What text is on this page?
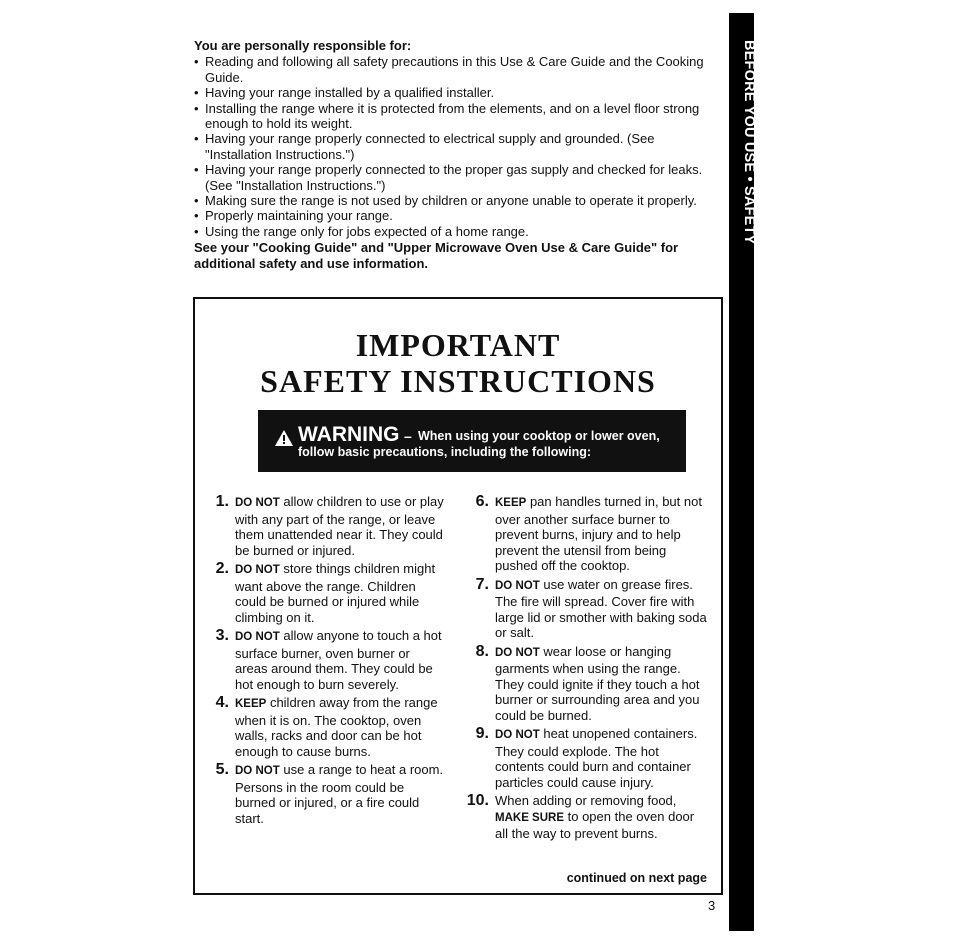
You are personally responsible for:
• Reading and following all safety precautions in this Use & Care Guide and the Cooking Guide.
• Having your range installed by a qualified installer.
• Installing the range where it is protected from the elements, and on a level floor strong enough to hold its weight.
• Having your range properly connected to electrical supply and grounded. (See "Installation Instructions.")
• Having your range properly connected to the proper gas supply and checked for leaks. (See "Installation Instructions.")
• Making sure the range is not used by children or anyone unable to operate it properly.
• Properly maintaining your range.
• Using the range only for jobs expected of a home range.
See your "Cooking Guide" and "Upper Microwave Oven Use & Care Guide" for additional safety and use information.
BEFORE YOU USE • SAFETY
IMPORTANT
SAFETY INSTRUCTIONS
WARNING – When using your cooktop or lower oven,
follow basic precautions, including the following:
1. DO NOT allow children to use or play with any part of the range, or leave them unattended near it. They could be burned or injured.
2. DO NOT store things children might want above the range. Children could be burned or injured while climbing on it.
3. DO NOT allow anyone to touch a hot surface burner, oven burner or areas around them. They could be hot enough to burn severely.
4. KEEP children away from the range when it is on. The cooktop, oven walls, racks and door can be hot enough to cause burns.
5. DO NOT use a range to heat a room. Persons in the room could be burned or injured, or a fire could start.
6. KEEP pan handles turned in, but not over another surface burner to prevent burns, injury and to help prevent the utensil from being pushed off the cooktop.
7. DO NOT use water on grease fires. The fire will spread. Cover fire with large lid or smother with baking soda or salt.
8. DO NOT wear loose or hanging garments when using the range. They could ignite if they touch a hot burner or surrounding area and you could be burned.
9. DO NOT heat unopened containers. They could explode. The hot contents could burn and container particles could cause injury.
10. When adding or removing food, MAKE SURE to open the oven door all the way to prevent burns.
continued on next page
3
